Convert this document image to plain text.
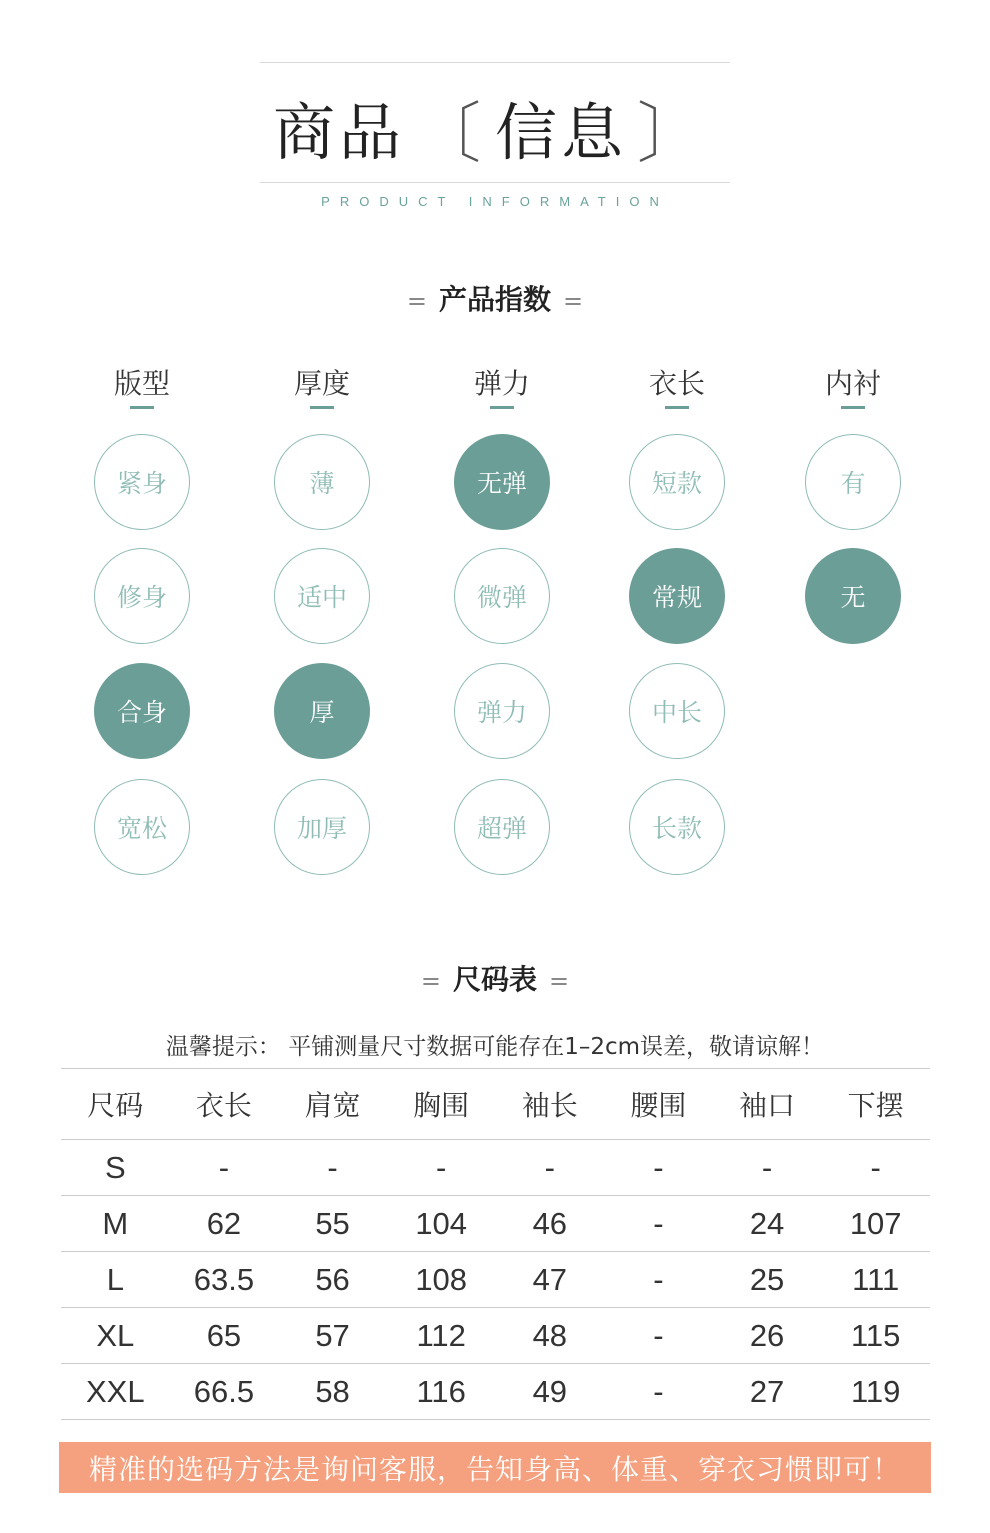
商品 〔 信息 〕
PRODUCT INFORMATION
= 产品指数 =
版型
紧身
修身
合身
宽松
厚度
薄
适中
厚
加厚
弹力
无弹
微弹
弹力
超弹
衣长
短款
常规
中长
长款
内衬
有
无
= 尺码表 =
温馨提示： 平铺测量尺寸数据可能存在1–2cm误差，敬请谅解！
尺码	衣长	肩宽	胸围	袖长	腰围	袖口	下摆
S	-	-	-	-	-	-	-
M	62	55	104	46	-	24	107
L	63.5	56	108	47	-	25	111
XL	65	57	112	48	-	26	115
XXL	66.5	58	116	49	-	27	119
精准的选码方法是询问客服，告知身高、体重、穿衣习惯即可！
